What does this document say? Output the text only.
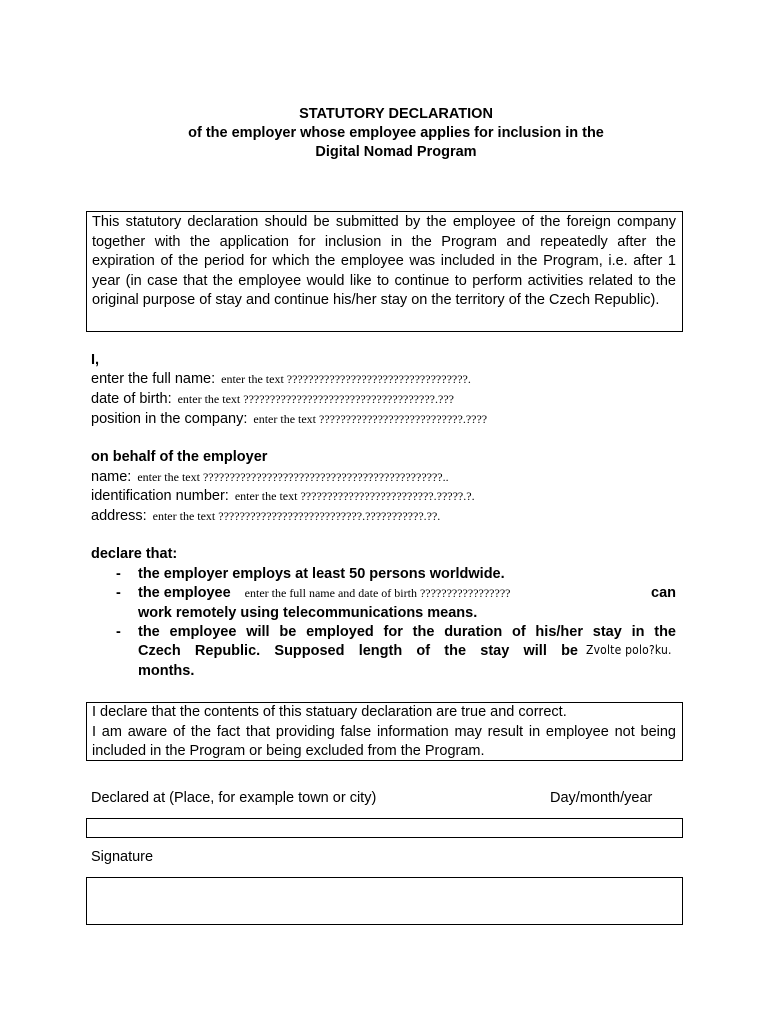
STATUTORY DECLARATION
of the employer whose employee applies for inclusion in the
Digital Nomad Program
This statutory declaration should be submitted by the employee of the foreign company together with the application for inclusion in the Program and repeatedly after the expiration of the period for which the employee was included in the Program, i.e. after 1 year (in case that the employee would like to continue to perform activities related to the original purpose of stay and continue his/her stay on the territory of the Czech Republic).
I,
enter the full name: enter the text ??????????????????????????????????.
date of birth: enter the text ????????????????????????????????????.???
position in the company: enter the text ???????????????????????????.????
on behalf of the employer
name: enter the text ?????????????????????????????????????????????..
identification number: enter the text ?????????????????????????.?????.?.
address: enter the text ???????????????????????????.???????????.??.
declare that:
- the employer employs at least 50 persons worldwide.
- the employee enter the full name and date of birth ?????????????????	can
work remotely using telecommunications means.
- the employee will be employed for the duration of his/her stay in the
Czech Republic. Supposed length of the stay will be Zvolte polo?ku.
months.
I declare that the contents of this statuary declaration are true and correct.
I am aware of the fact that providing false information may result in employee not being included in the Program or being excluded from the Program.
Declared at (Place, for example town or city)	Day/month/year
Signature
